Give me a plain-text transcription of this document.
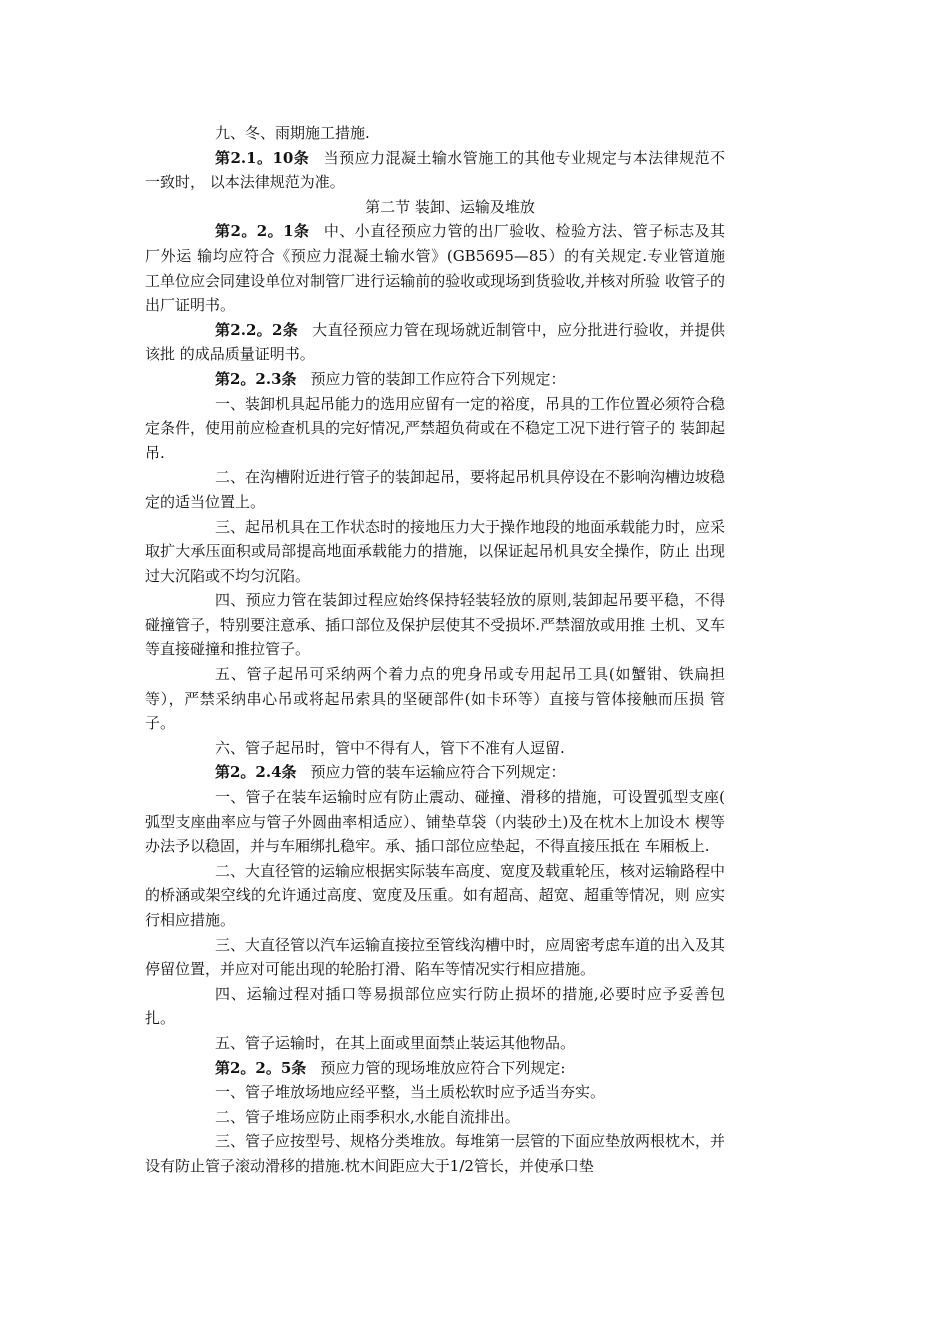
九、冬、雨期施工措施.

第2.1。10条 当预应力混凝土输水管施工的其他专业规定与本法律规范不一致时， 以本法律规范为准。

第二节 装卸、运输及堆放

第2。2。1条 中、小直径预应力管的出厂验收、检验方法、管子标志及其厂外运 输均应符合《预应力混凝土输水管》(GB5695—85）的有关规定.专业管道施 工单位应会同建设单位对制管厂进行运输前的验收或现场到货验收,并核对所验 收管子的出厂证明书。

第2.2。2条 大直径预应力管在现场就近制管中，应分批进行验收，并提供该批 的成品质量证明书。

第2。2.3条 预应力管的装卸工作应符合下列规定：

一、装卸机具起吊能力的选用应留有一定的裕度，吊具的工作位置必须符合稳 定条件，使用前应检查机具的完好情况,严禁超负荷或在不稳定工况下进行管子的 装卸起吊.

二、在沟槽附近进行管子的装卸起吊，要将起吊机具停设在不影响沟槽边坡稳 定的适当位置上。

三、起吊机具在工作状态时的接地压力大于操作地段的地面承载能力时，应采 取扩大承压面积或局部提高地面承载能力的措施，以保证起吊机具安全操作，防止 出现过大沉陷或不均匀沉陷。

四、预应力管在装卸过程应始终保持轻装轻放的原则,装卸起吊要平稳，不得 碰撞管子，特别要注意承、插口部位及保护层使其不受损坏.严禁溜放或用推 土机、叉车等直接碰撞和推拉管子。

五、管子起吊可采纳两个着力点的兜身吊或专用起吊工具(如蟹钳、铁扁担 等），严禁采纳串心吊或将起吊索具的坚硬部件(如卡环等）直接与管体接触而压损 管子。

六、管子起吊时，管中不得有人，管下不准有人逗留.

第2。2.4条 预应力管的装车运输应符合下列规定：

一、管子在装车运输时应有防止震动、碰撞、滑移的措施，可设置弧型支座( 弧型支座曲率应与管子外圆曲率相适应）、铺垫草袋（内装砂土)及在枕木上加设木 楔等办法予以稳固，并与车厢绑扎稳牢。承、插口部位应垫起，不得直接压抵在 车厢板上.

二、大直径管的运输应根据实际装车高度、宽度及载重轮压，核对运输路程中 的桥涵或架空线的允许通过高度、宽度及压重。如有超高、超宽、超重等情况，则 应实行相应措施。

三、大直径管以汽车运输直接拉至管线沟槽中时，应周密考虑车道的出入及其 停留位置，并应对可能出现的轮胎打滑、陷车等情况实行相应措施。

四、运输过程对插口等易损部位应实行防止损坏的措施,必要时应予妥善包 扎。

五、管子运输时，在其上面或里面禁止装运其他物品。

第2。2。5条 预应力管的现场堆放应符合下列规定:

一、管子堆放场地应经平整，当土质松软时应予适当夯实。

二、管子堆场应防止雨季积水,水能自流排出。

三、管子应按型号、规格分类堆放。每堆第一层管的下面应垫放两根枕木，并 设有防止管子滚动滑移的措施.枕木间距应大于1/2管长，并使承口垫
